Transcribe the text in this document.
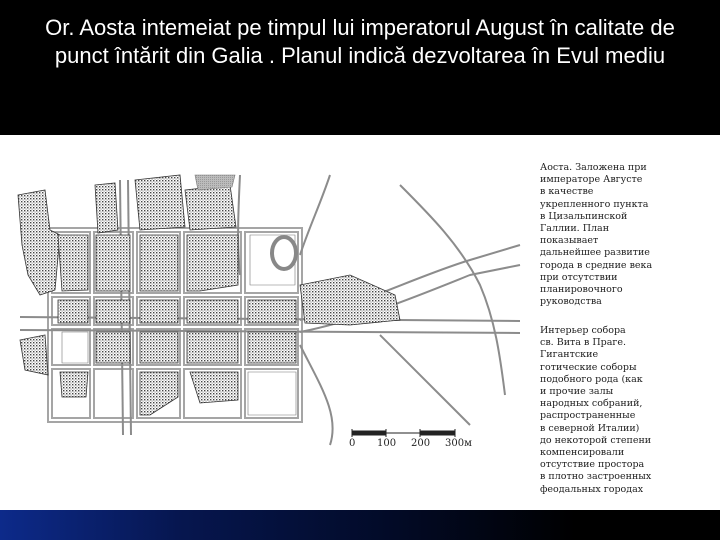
Or. Aosta intemeiat pe timpul lui imperatorul August în calitate de punct întărit din Galia . Planul indică dezvoltarea în Evul mediu
Аоста. Заложена при
императоре Августе
в качестве
укрепленного пункта
в Цизальпинской
Галлии. План
показывает
дальнейшее развитие
города в средние века
при отсутствии
планировочного
руководства
Интерьер собора
св. Вита в Праге.
Гигантские
готические соборы
подобного рода (как
и прочие залы
народных собраний,
распространенные
в северной Италии)
до некоторой степени
компенсировали
отсутствие простора
в плотно застроенных
феодальных городах
0 100 200 300м
